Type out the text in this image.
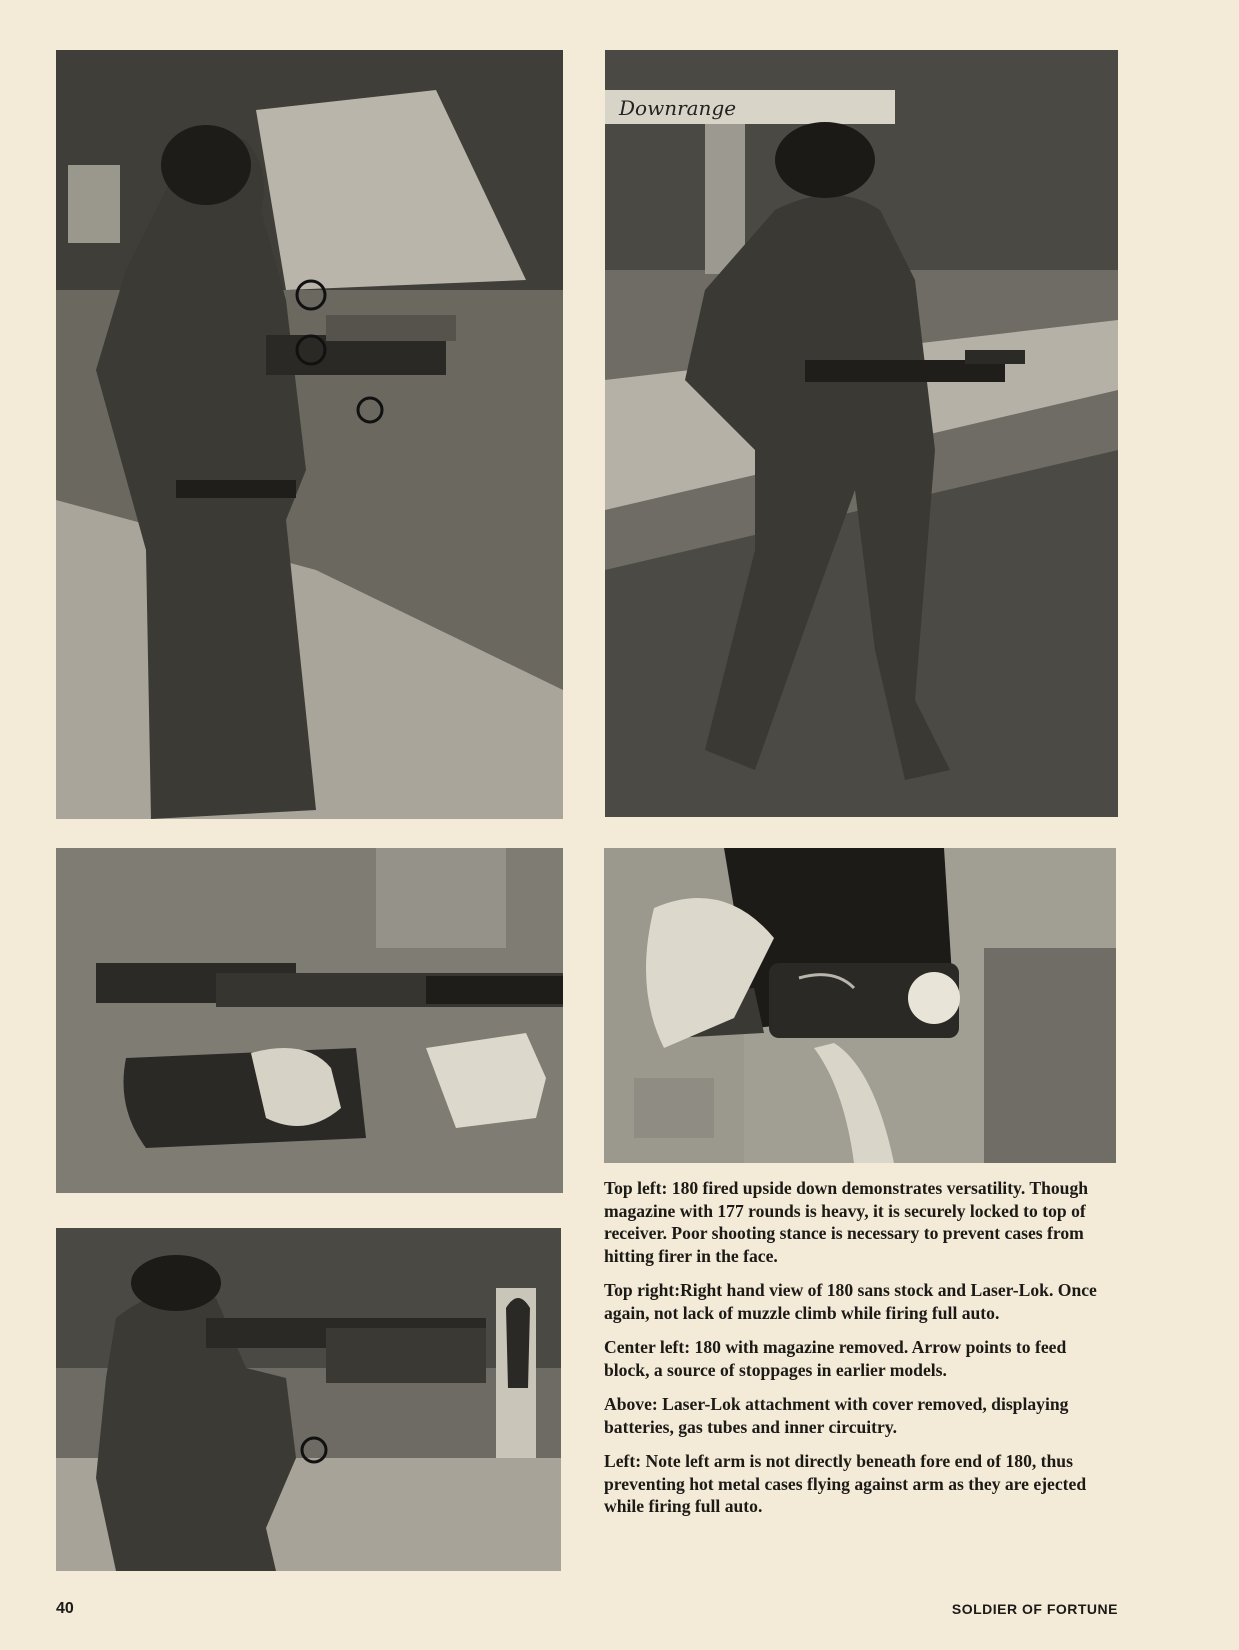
Downrange

Top left: 180 fired upside down demonstrates versatility. Though magazine with 177 rounds is heavy, it is securely locked to top of receiver. Poor shooting stance is necessary to prevent cases from hitting firer in the face.

Top right:Right hand view of 180 sans stock and Laser-Lok. Once again, not lack of muzzle climb while firing full auto.

Center left: 180 with magazine removed. Arrow points to feed block, a source of stoppages in earlier models.

Above: Laser-Lok attachment with cover removed, displaying batteries, gas tubes and inner circuitry.

Left: Note left arm is not directly beneath fore end of 180, thus preventing hot metal cases flying against arm as they are ejected while firing full auto.

40	SOLDIER OF FORTUNE
